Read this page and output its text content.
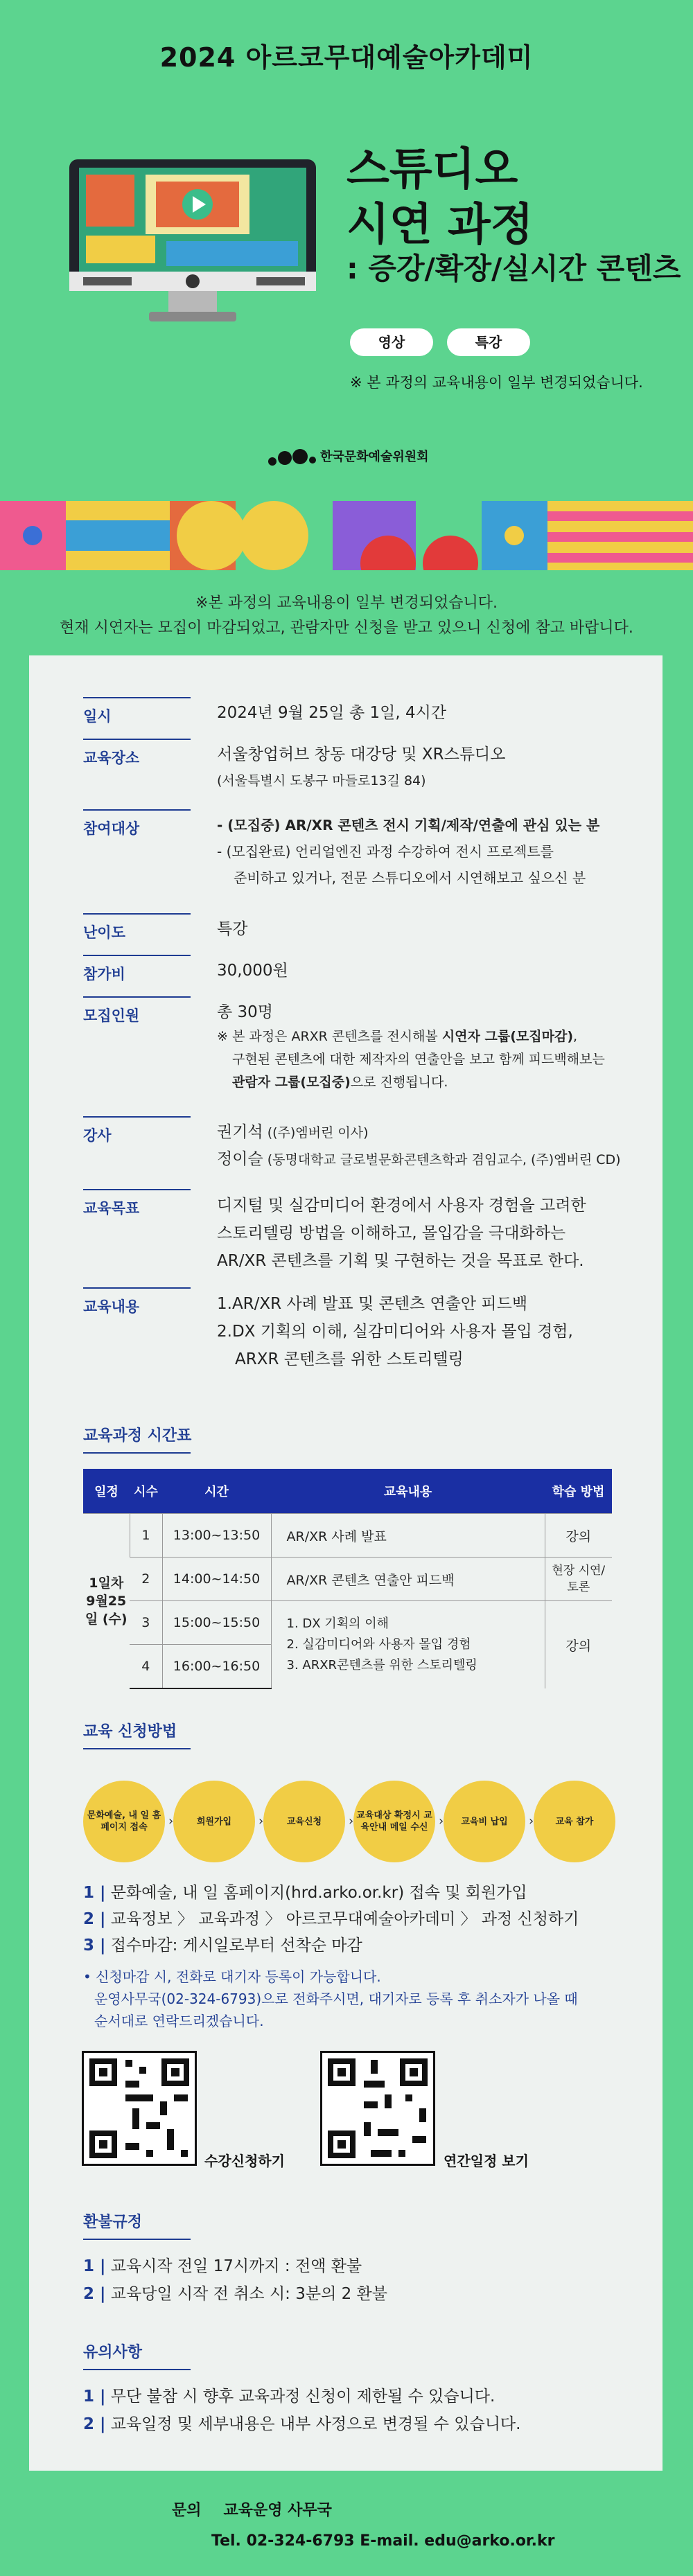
2024 아르코무대예술아카데미
스튜디오
시연 과정
: 증강/확장/실시간 콘텐츠
영상	특강
※ 본 과정의 교육내용이 일부 변경되었습니다.
한국문화예술위원회
※본 과정의 교육내용이 일부 변경되었습니다.
현재 시연자는 모집이 마감되었고, 관람자만 신청을 받고 있으니 신청에 참고 바랍니다.
일시	2024년 9월 25일 총 1일, 4시간
교육장소	서울창업허브 창동 대강당 및 XR스튜디오
(서울특별시 도봉구 마들로13길 84)
참여대상	- (모집중) AR/XR 콘텐츠 전시 기획/제작/연출에 관심 있는 분
- (모집완료) 언리얼엔진 과정 수강하여 전시 프로젝트를
준비하고 있거나, 전문 스튜디오에서 시연해보고 싶으신 분
난이도	특강
참가비	30,000원
모집인원	총 30명
※ 본 과정은 ARXR 콘텐츠를 전시해볼 시연자 그룹(모집마감),
구현된 콘텐츠에 대한 제작자의 연출안을 보고 함께 피드백해보는
관람자 그룹(모집중)으로 진행됩니다.
강사	권기석 ((주)엠버린 이사)
정이슬 (동명대학교 글로벌문화콘텐츠학과 겸임교수, (주)엠버린 CD)
교육목표	디지털 및 실감미디어 환경에서 사용자 경험을 고려한
스토리텔링 방법을 이해하고, 몰입감을 극대화하는
AR/XR 콘텐츠를 기획 및 구현하는 것을 목표로 한다.
교육내용	1.AR/XR 사례 발표 및 콘텐츠 연출안 피드백
2.DX 기획의 이해, 실감미디어와 사용자 몰입 경험,
ARXR 콘텐츠를 위한 스토리텔링
교육과정 시간표
일정	시수	시간	교육내용	학습 방법
1일차 9월25일 (수)	1	13:00~13:50	AR/XR 사례 발표	강의
	2	14:00~14:50	AR/XR 콘텐츠 연출안 피드백	현장 시연/ 토론
	3	15:00~15:50	1. DX 기획의 이해
2. 실감미디어와 사용자 몰입 경험
3. ARXR콘텐츠를 위한 스토리텔링	강의
	4	16:00~16:50		
교육 신청방법
문화예술, 내 일 홈페이지 접속	›	회원가입	›	교육신청	› 교육대상 확정시 교육안내 메일 수신 ›	교육비 납입	›	교육 참가
1 | 문화예술, 내 일 홈페이지(hrd.arko.or.kr) 접속 및 회원가입
2 | 교육정보 〉 교육과정 〉 아르코무대예술아카데미 〉 과정 신청하기
3 | 접수마감: 게시일로부터 선착순 마감
• 신청마감 시, 전화로 대기자 등록이 가능합니다.
운영사무국(02-324-6793)으로 전화주시면, 대기자로 등록 후 취소자가 나올 때
순서대로 연락드리겠습니다.
수강신청하기	연간일정 보기
환불규정
1 | 교육시작 전일 17시까지 : 전액 환불
2 | 교육당일 시작 전 취소 시: 3분의 2 환불
유의사항
1 | 무단 불참 시 향후 교육과정 신청이 제한될 수 있습니다.
2 | 교육일정 및 세부내용은 내부 사정으로 변경될 수 있습니다.
문의 교육운영 사무국
Tel. 02-324-6793 E-mail. edu@arko.or.kr
